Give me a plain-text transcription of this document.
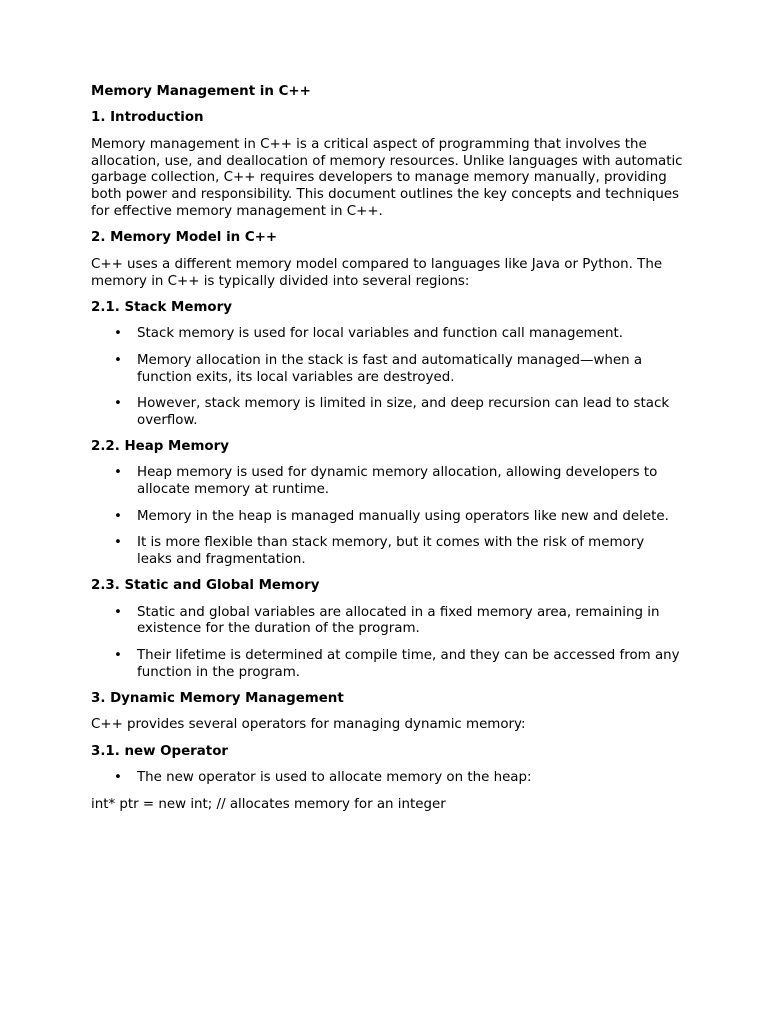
Memory Management in C++
1. Introduction

Memory management in C++ is a critical aspect of programming that involves the allocation, use, and deallocation of memory resources. Unlike languages with automatic garbage collection, C++ requires developers to manage memory manually, providing both power and responsibility. This document outlines the key concepts and techniques for effective memory management in C++.

2. Memory Model in C++

C++ uses a different memory model compared to languages like Java or Python. The memory in C++ is typically divided into several regions:

2.1. Stack Memory
• Stack memory is used for local variables and function call management.
• Memory allocation in the stack is fast and automatically managed—when a function exits, its local variables are destroyed.
• However, stack memory is limited in size, and deep recursion can lead to stack overflow.
2.2. Heap Memory
• Heap memory is used for dynamic memory allocation, allowing developers to allocate memory at runtime.
• Memory in the heap is managed manually using operators like new and delete.
• It is more flexible than stack memory, but it comes with the risk of memory leaks and fragmentation.
2.3. Static and Global Memory
• Static and global variables are allocated in a fixed memory area, remaining in existence for the duration of the program.
• Their lifetime is determined at compile time, and they can be accessed from any function in the program.
3. Dynamic Memory Management

C++ provides several operators for managing dynamic memory:

3.1. new Operator
• The new operator is used to allocate memory on the heap:

int* ptr = new int; // allocates memory for an integer
